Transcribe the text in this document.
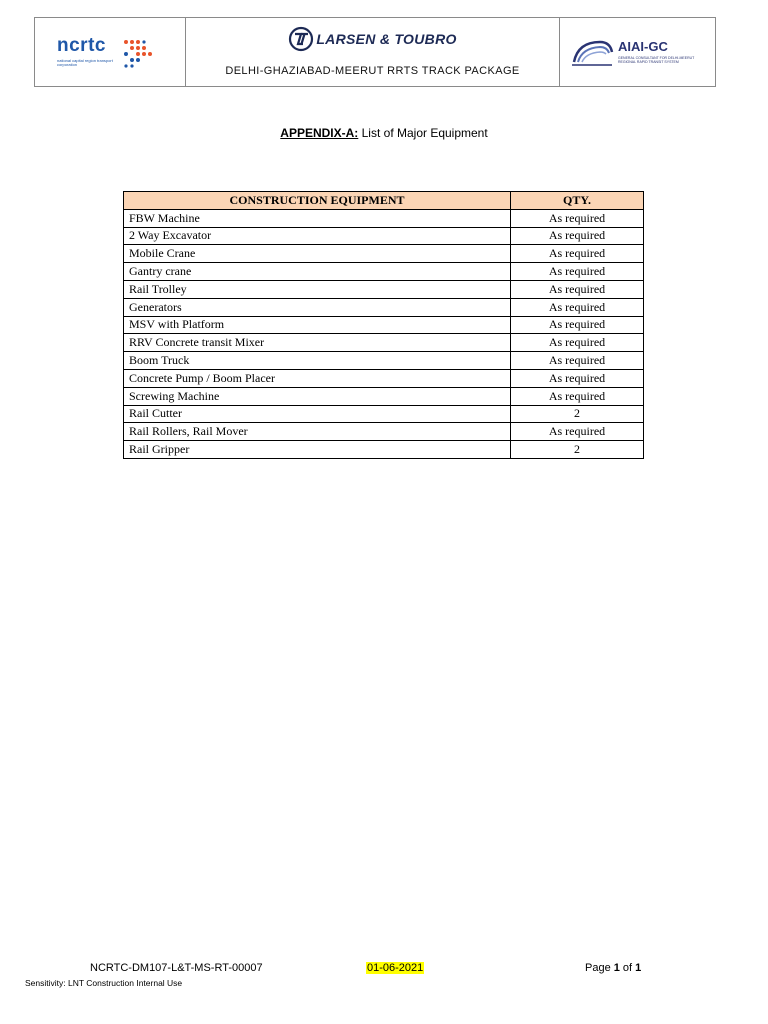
ncrtc
national capital region transport corporation
LARSEN & TOUBRO
DELHI-GHAZIABAD-MEERUT RRTS TRACK PACKAGE
AIAI-GC
GENERAL CONSULTANT FOR DELHI-MEERUT REGIONAL RAPID TRANSIT SYSTEM
APPENDIX-A: List of Major Equipment
CONSTRUCTION EQUIPMENT	QTY.
FBW Machine	As required
2 Way Excavator	As required
Mobile Crane	As required
Gantry crane	As required
Rail Trolley	As required
Generators	As required
MSV with Platform	As required
RRV Concrete transit Mixer	As required
Boom Truck	As required
Concrete Pump / Boom Placer	As required
Screwing Machine	As required
Rail Cutter	2
Rail Rollers, Rail Mover	As required
Rail Gripper	2
NCRTC-DM107-L&T-MS-RT-00007	01-06-2021	Page 1 of 1
Sensitivity: LNT Construction Internal Use
